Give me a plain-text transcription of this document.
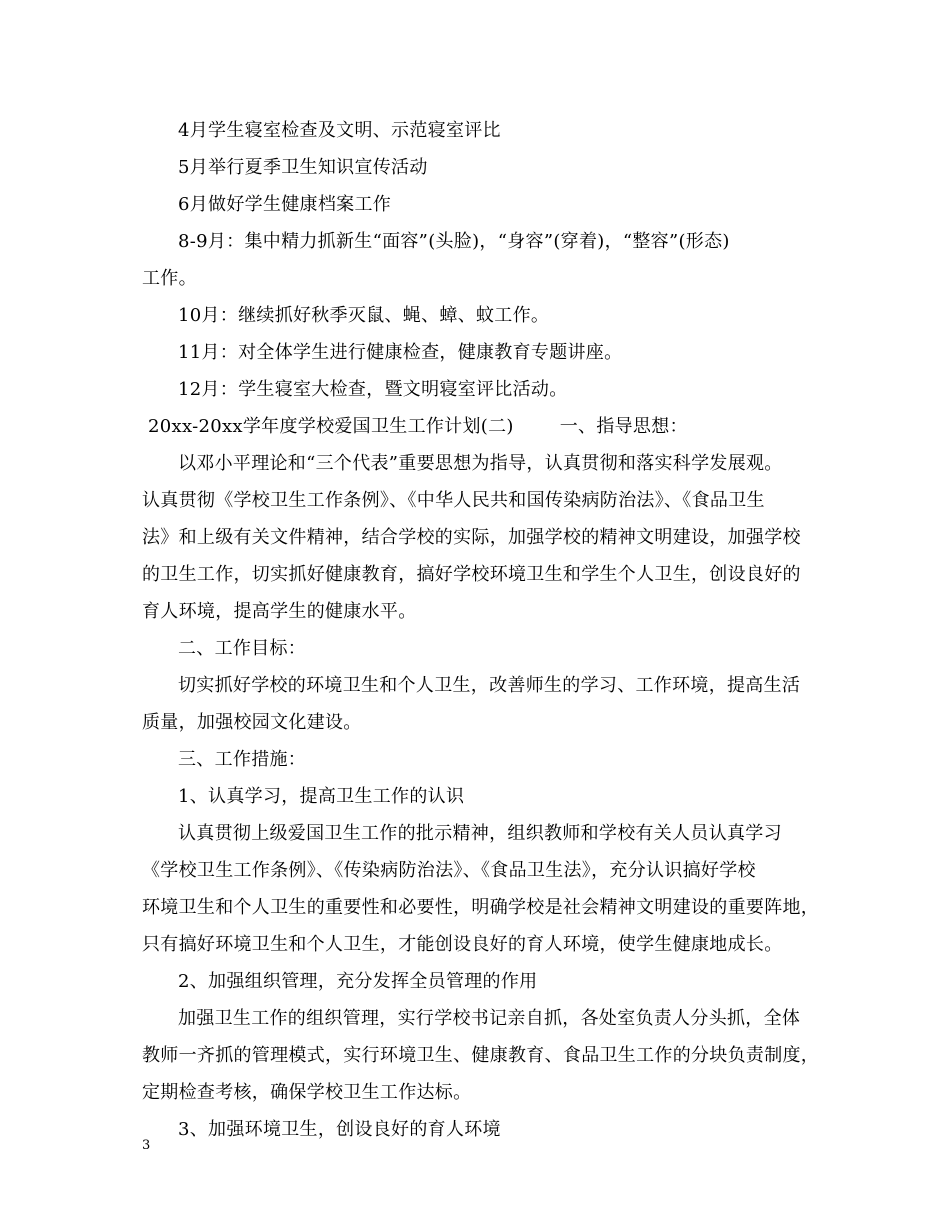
4月学生寝室检查及文明、示范寝室评比
5月举行夏季卫生知识宣传活动
6月做好学生健康档案工作
8-9月：集中精力抓新生“面容”(头脸)，“身容”(穿着)，“整容”(形态)
工作。
10月：继续抓好秋季灭鼠、蝇、蟑、蚊工作。
11月：对全体学生进行健康检查，健康教育专题讲座。
12月：学生寝室大检查，暨文明寝室评比活动。
20xx-20xx学年度学校爱国卫生工作计划(二)	一、指导思想：
以邓小平理论和“三个代表”重要思想为指导，认真贯彻和落实科学发展观。
认真贯彻《学校卫生工作条例》、《中华人民共和国传染病防治法》、《食品卫生
法》和上级有关文件精神，结合学校的实际，加强学校的精神文明建设，加强学校
的卫生工作，切实抓好健康教育，搞好学校环境卫生和学生个人卫生，创设良好的
育人环境，提高学生的健康水平。
二、工作目标：
切实抓好学校的环境卫生和个人卫生，改善师生的学习、工作环境，提高生活
质量，加强校园文化建设。
三、工作措施：
1、认真学习，提高卫生工作的认识
认真贯彻上级爱国卫生工作的批示精神，组织教师和学校有关人员认真学习
《学校卫生工作条例》、《传染病防治法》、《食品卫生法》，充分认识搞好学校
环境卫生和个人卫生的重要性和必要性，明确学校是社会精神文明建设的重要阵地，
只有搞好环境卫生和个人卫生，才能创设良好的育人环境，使学生健康地成长。
2、加强组织管理，充分发挥全员管理的作用
加强卫生工作的组织管理，实行学校书记亲自抓，各处室负责人分头抓，全体
教师一齐抓的管理模式，实行环境卫生、健康教育、食品卫生工作的分块负责制度，
定期检查考核，确保学校卫生工作达标。
3、加强环境卫生，创设良好的育人环境
3
